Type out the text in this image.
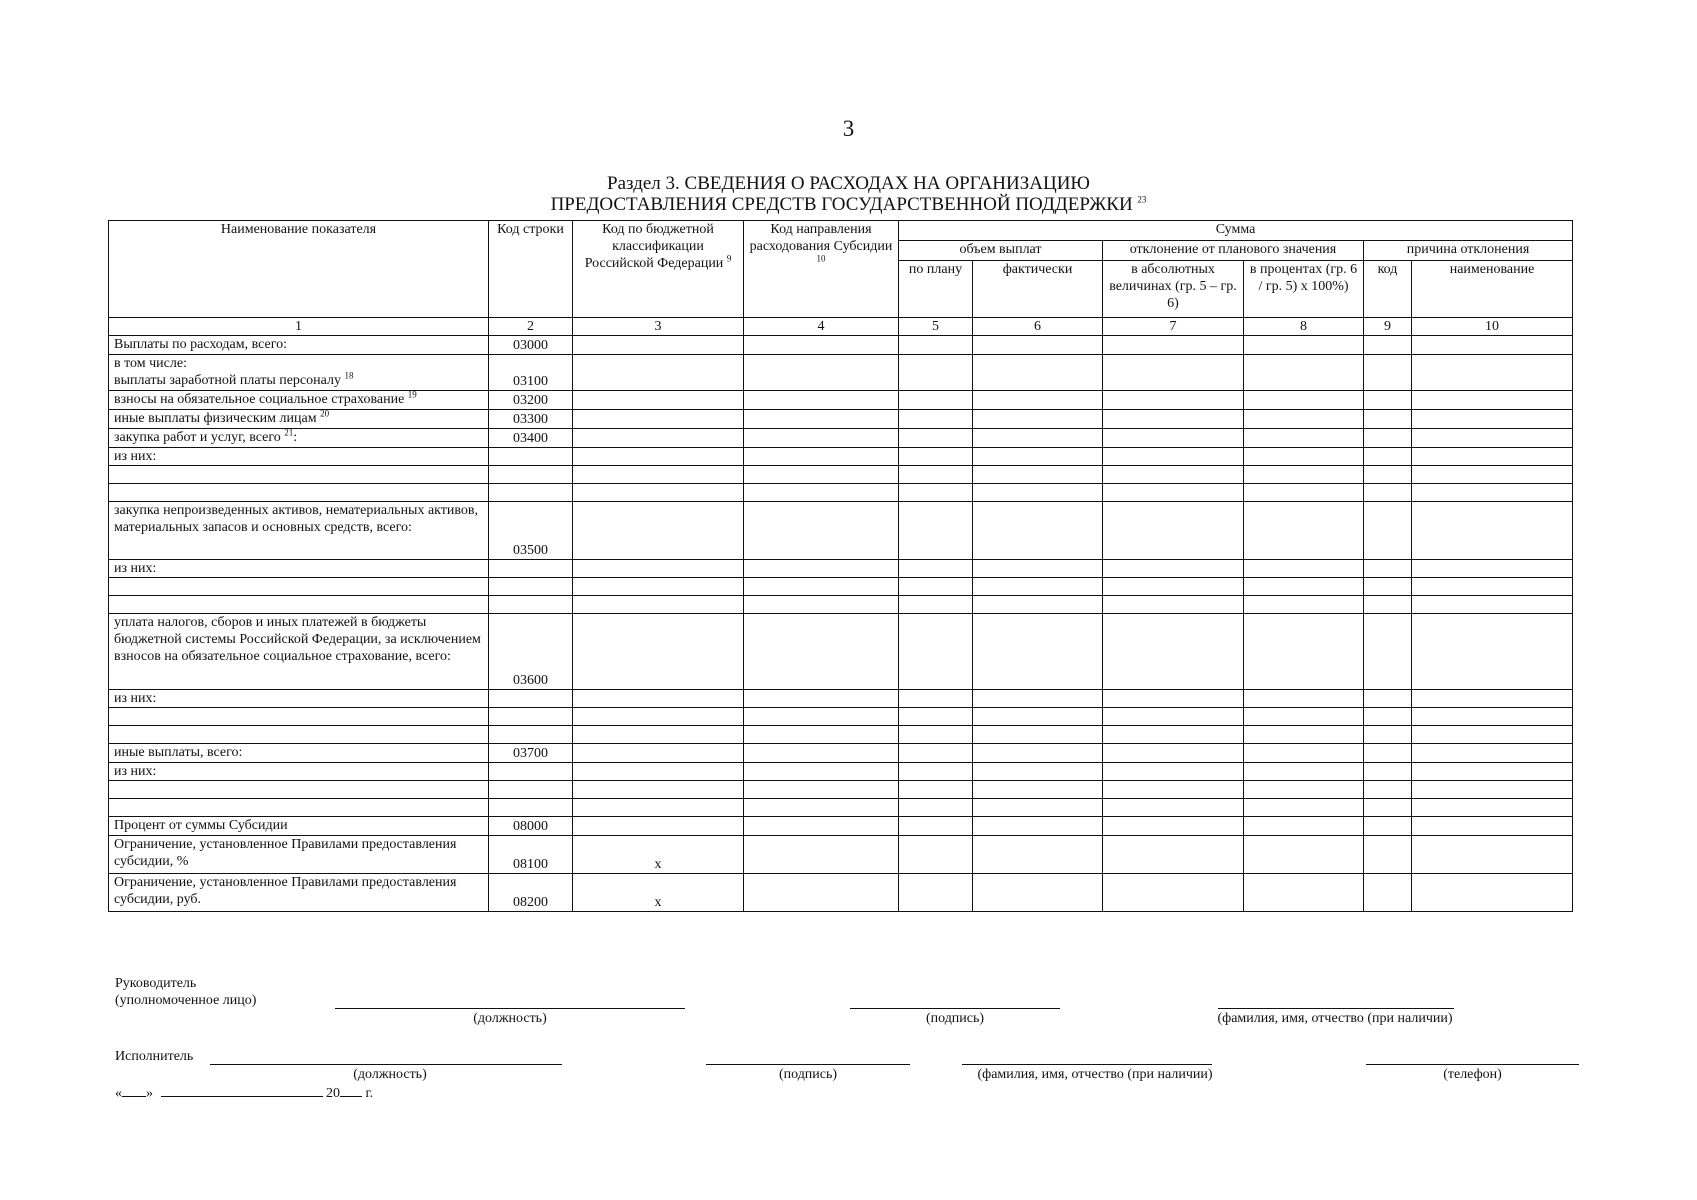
3
Раздел 3. СВЕДЕНИЯ О РАСХОДАХ НА ОРГАНИЗАЦИЮ
ПРЕДОСТАВЛЕНИЯ СРЕДСТВ ГОСУДАРСТВЕННОЙ ПОДДЕРЖКИ $^{23}$
Наименование показателя	Код строки	Код по бюджетной классификации Российской Федерации $^9$	Код направления расходования Субсидии $^{10}$	Сумма					
				объем выплат		отклонение от планового значения		причина отклонения	
				по плану	фактически	в абсолютных величинах (гр. 5 – гр. 6)	в процентах (гр. 6 / гр. 5) x 100%)	код	наименование
1	2	3	4	5	6	7	8	9	10
Выплаты по расходам, всего:	03000								

в том числе:
выплаты заработной платы персоналу $^{18}$	03100								
взносы на обязательное социальное страхование $^{19}$	03200								
иные выплаты физическим лицам $^{20}$	03300								
закупка работ и услуг, всего $^{21}$:	03400								
из них:									

закупка непроизведенных активов, нематериальных активов, материальных запасов и основных средств, всего:	03500								
из них:									

уплата налогов, сборов и иных платежей в бюджеты бюджетной системы Российской Федерации, за исключением взносов на обязательное социальное страхование, всего:	03600								
из них:									

иные выплаты, всего:	03700								
из них:									

Процент от суммы Субсидии	08000								
Ограничение, установленное Правилами предоставления субсидии, %	08100	x							
Ограничение, установленное Правилами предоставления субсидии, руб.	08200	x							
Руководитель
(уполномоченное лицо)
(должность)	(подпись)	(фамилия, имя, отчество (при наличии)
Исполнитель
(должность)	(подпись)	(фамилия, имя, отчество (при наличии)	(телефон)
« »	20 г.
